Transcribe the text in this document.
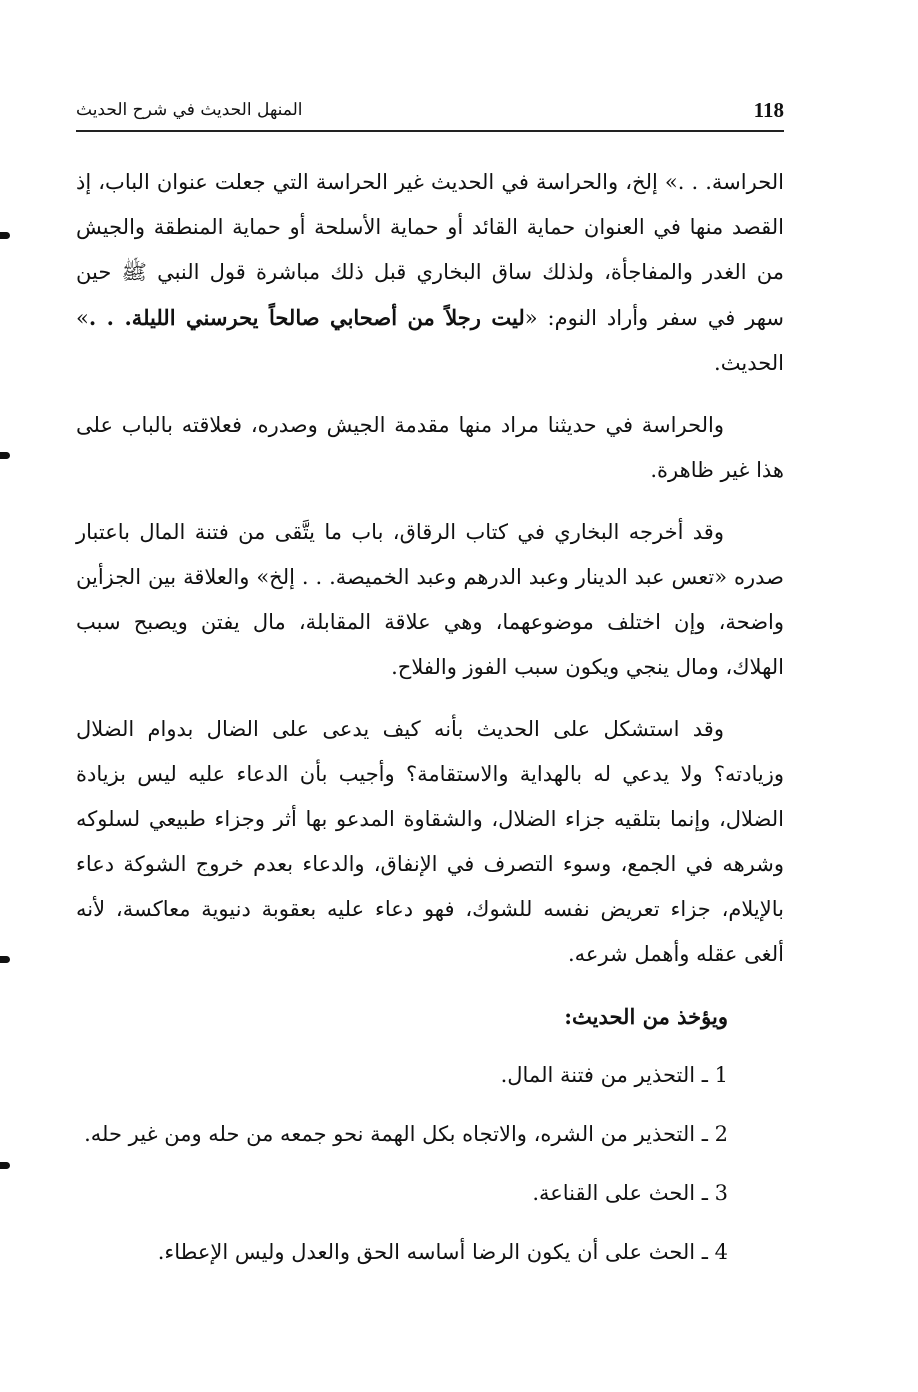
118
المنهل الحديث في شرح الحديث

الحراسة. . .» إلخ، والحراسة في الحديث غير الحراسة التي جعلت عنوان الباب، إذ القصد منها في العنوان حماية القائد أو حماية الأسلحة أو حماية المنطقة والجيش من الغدر والمفاجأة، ولذلك ساق البخاري قبل ذلك مباشرة قول النبي ﷺ حين سهر في سفر وأراد النوم: «ليت رجلاً من أصحابي صالحاً يحرسني الليلة. . .» الحديث.

والحراسة في حديثنا مراد منها مقدمة الجيش وصدره، فعلاقته بالباب على هذا غير ظاهرة.

وقد أخرجه البخاري في كتاب الرقاق، باب ما يتَّقى من فتنة المال باعتبار صدره «تعس عبد الدينار وعبد الدرهم وعبد الخميصة. . . إلخ» والعلاقة بين الجزأين واضحة، وإن اختلف موضوعهما، وهي علاقة المقابلة، مال يفتن ويصبح سبب الهلاك، ومال ينجي ويكون سبب الفوز والفلاح.

وقد استشكل على الحديث بأنه كيف يدعى على الضال بدوام الضلال وزيادته؟ ولا يدعي له بالهداية والاستقامة؟ وأجيب بأن الدعاء عليه ليس بزيادة الضلال، وإنما بتلقيه جزاء الضلال، والشقاوة المدعو بها أثر وجزاء طبيعي لسلوكه وشرهه في الجمع، وسوء التصرف في الإنفاق، والدعاء بعدم خروج الشوكة دعاء بالإيلام، جزاء تعريض نفسه للشوك، فهو دعاء عليه بعقوبة دنيوية معاكسة، لأنه ألغى عقله وأهمل شرعه.

ويؤخذ من الحديث:

1 ـ التحذير من فتنة المال.

2 ـ التحذير من الشره، والاتجاه بكل الهمة نحو جمعه من حله ومن غير حله.

3 ـ الحث على القناعة.

4 ـ الحث على أن يكون الرضا أساسه الحق والعدل وليس الإعطاء.
